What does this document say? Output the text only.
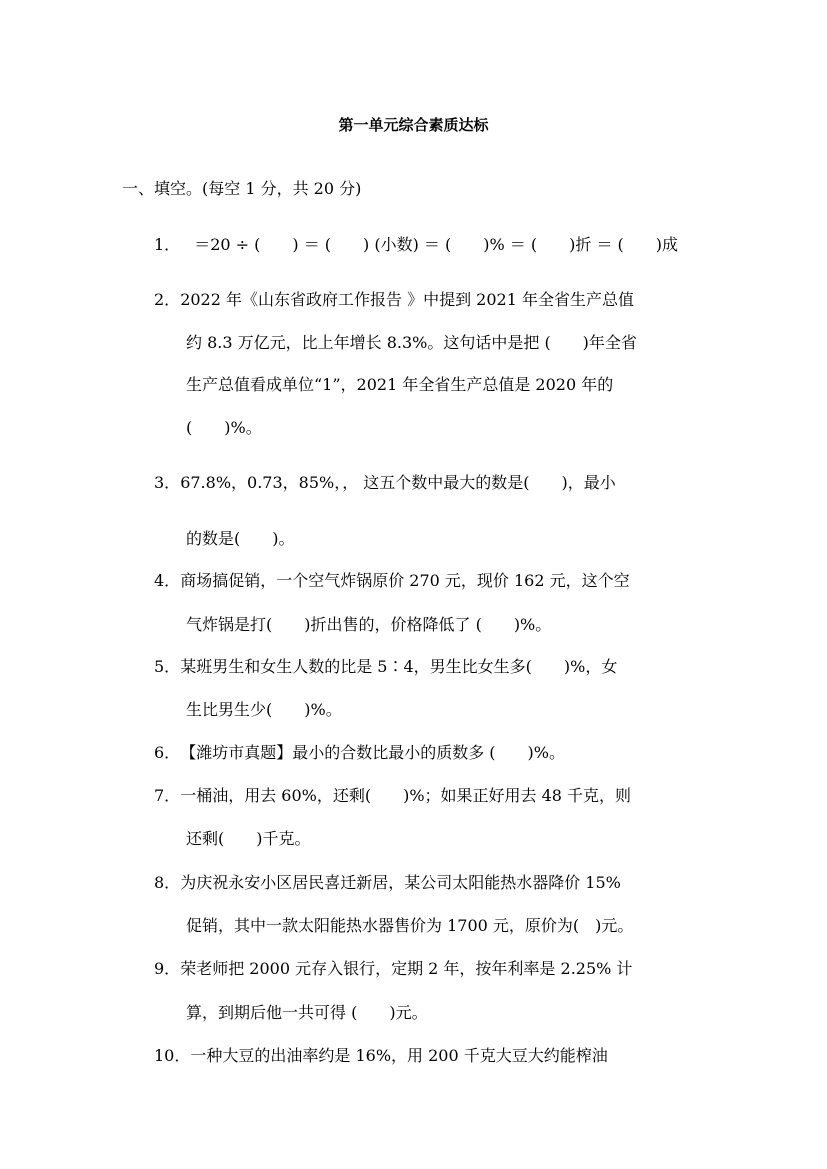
第一单元综合素质达标
一、填空。(每空 1 分，共 20 分)
1． ＝20 ÷ (　　) ＝ (　　) (小数) ＝ (　　)% ＝ (　　)折 ＝ (　　)成
2．2022 年《山东省政府工作报告 》中提到 2021 年全省生产总值
约 8.3 万亿元，比上年增长 8.3%。这句话中是把 (　　)年全省
生产总值看成单位“1”，2021 年全省生产总值是 2020 年的
(　　)%。
3．67.8%，0.73，85%，， 这五个数中最大的数是(　　)，最小
的数是(　　)。
4．商场搞促销，一个空气炸锅原价 270 元，现价 162 元，这个空
气炸锅是打(　　)折出售的，价格降低了 (　　)%。
5．某班男生和女生人数的比是 5∶4，男生比女生多(　　)%，女
生比男生少(　　)%。
6．【潍坊市真题】最小的合数比最小的质数多 (　　)%。
7．一桶油，用去 60%，还剩(　　)%；如果正好用去 48 千克，则
还剩(　　)千克。
8．为庆祝永安小区居民喜迁新居，某公司太阳能热水器降价 15%
促销，其中一款太阳能热水器售价为 1700 元，原价为(　)元。
9．荣老师把 2000 元存入银行，定期 2 年，按年利率是 2.25% 计
算，到期后他一共可得 (　　)元。
10．一种大豆的出油率约是 16%，用 200 千克大豆大约能榨油
